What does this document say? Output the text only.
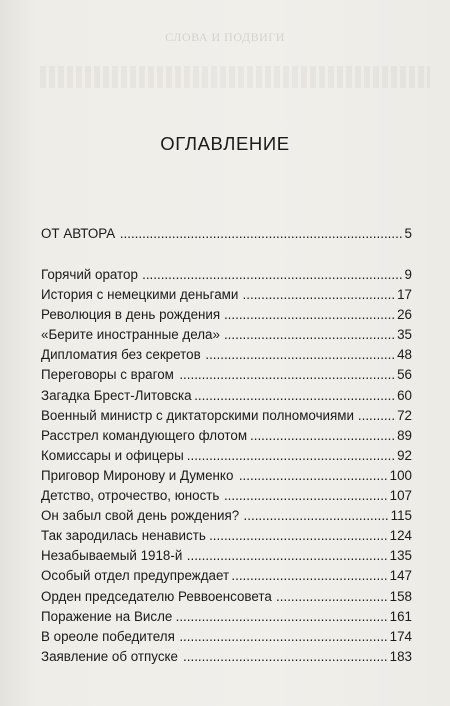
СЛОВА И ПОДВИГИ
ОГЛАВЛЕНИЕ
ОТ АВТОРА ............................................................................ 5
Горячий оратор ...................................................................... 9
История с немецкими деньгами ......................................... 17
Революция в день рождения .............................................. 26
«Берите иностранные дела» .............................................. 35
Дипломатия без секретов ................................................... 48
Переговоры с врагом .......................................................... 56
Загадка Брест-Литовска ...................................................... 60
Военный министр с диктаторскими полномочиями .......... 72
Расстрел командующего флотом ....................................... 89
Комиссары и офицеры ........................................................ 92
Приговор Миронову и Думенко ........................................ 100
Детство, отрочество, юность ............................................ 107
Он забыл свой день рождения? ....................................... 115
Так зародилась ненависть ................................................ 124
Незабываемый 1918-й ...................................................... 135
Особый отдел предупреждает .......................................... 147
Орден председателю Реввоенсовета .............................. 158
Поражение на Висле ......................................................... 161
В ореоле победителя ........................................................ 174
Заявление об отпуске ....................................................... 183
